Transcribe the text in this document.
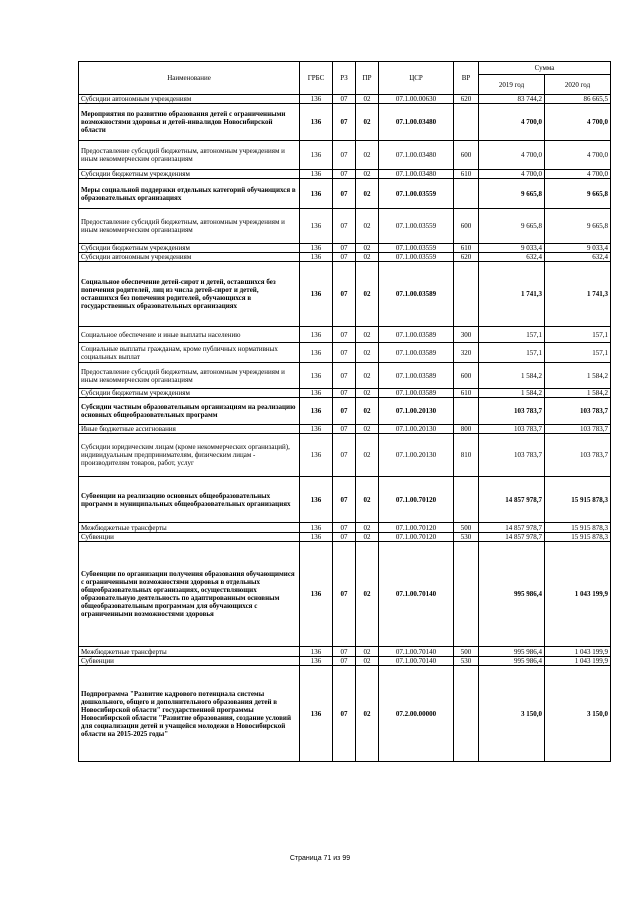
Наименование	ГРБС	РЗ	ПР	ЦСР	ВР	Сумма	
						2019 год	2020 год
Субсидии автономным учреждениям	136	07	02	07.1.00.00630	620	83 744,2	86 665,5
Мероприятия по развитию образования детей с ограниченными возможностями здоровья и детей-инвалидов Новосибирской области	136	07	02	07.1.00.03480		4 700,0	4 700,0
Предоставление субсидий бюджетным, автономным учреждениям и иным некоммерческим организациям	136	07	02	07.1.00.03480	600	4 700,0	4 700,0
Субсидии бюджетным учреждениям	136	07	02	07.1.00.03480	610	4 700,0	4 700,0
Меры социальной поддержки отдельных категорий обучающихся в образовательных организациях	136	07	02	07.1.00.03559		9 665,8	9 665,8
Предоставление субсидий бюджетным, автономным учреждениям и иным некоммерческим организациям	136	07	02	07.1.00.03559	600	9 665,8	9 665,8
Субсидии бюджетным учреждениям	136	07	02	07.1.00.03559	610	9 033,4	9 033,4
Субсидии автономным учреждениям	136	07	02	07.1.00.03559	620	632,4	632,4
Социальное обеспечение детей-сирот и детей, оставшихся без попечения родителей, лиц из числа детей-сирот и детей, оставшихся без попечения родителей, обучающихся в государственных образовательных организациях	136	07	02	07.1.00.03589		1 741,3	1 741,3
Социальное обеспечение и иные выплаты населению	136	07	02	07.1.00.03589	300	157,1	157,1
Социальные выплаты гражданам, кроме публичных нормативных социальных выплат	136	07	02	07.1.00.03589	320	157,1	157,1
Предоставление субсидий бюджетным, автономным учреждениям и иным некоммерческим организациям	136	07	02	07.1.00.03589	600	1 584,2	1 584,2
Субсидии бюджетным учреждениям	136	07	02	07.1.00.03589	610	1 584,2	1 584,2
Субсидии частным образовательным организациям на реализацию основных общеобразовательных программ	136	07	02	07.1.00.20130		103 783,7	103 783,7
Иные бюджетные ассигнования	136	07	02	07.1.00.20130	800	103 783,7	103 783,7
Субсидии юридическим лицам (кроме некоммерческих организаций), индивидуальным предпринимателям, физическим лицам - производителям товаров, работ, услуг	136	07	02	07.1.00.20130	810	103 783,7	103 783,7
Субвенции на реализацию основных общеобразовательных программ в муниципальных общеобразовательных организациях	136	07	02	07.1.00.70120		14 857 978,7	15 915 878,3
Межбюджетные трансферты	136	07	02	07.1.00.70120	500	14 857 978,7	15 915 878,3
Субвенции	136	07	02	07.1.00.70120	530	14 857 978,7	15 915 878,3
Субвенции по организации получения образования обучающимися с ограниченными возможностями здоровья в отдельных общеобразовательных организациях, осуществляющих образовательную деятельность по адаптированным основным общеобразовательным программам для обучающихся с ограниченными возможностями здоровья	136	07	02	07.1.00.70140		995 986,4	1 043 199,9
Межбюджетные трансферты	136	07	02	07.1.00.70140	500	995 986,4	1 043 199,9
Субвенции	136	07	02	07.1.00.70140	530	995 986,4	1 043 199,9
Подпрограмма "Развитие кадрового потенциала системы дошкольного, общего и дополнительного образования детей в Новосибирской области" государственной программы Новосибирской области "Развитие образования, создание условий для социализации детей и учащейся молодежи в Новосибирской области на 2015-2025 годы"	136	07	02	07.2.00.00000		3 150,0	3 150,0
Страница 71 из 99
